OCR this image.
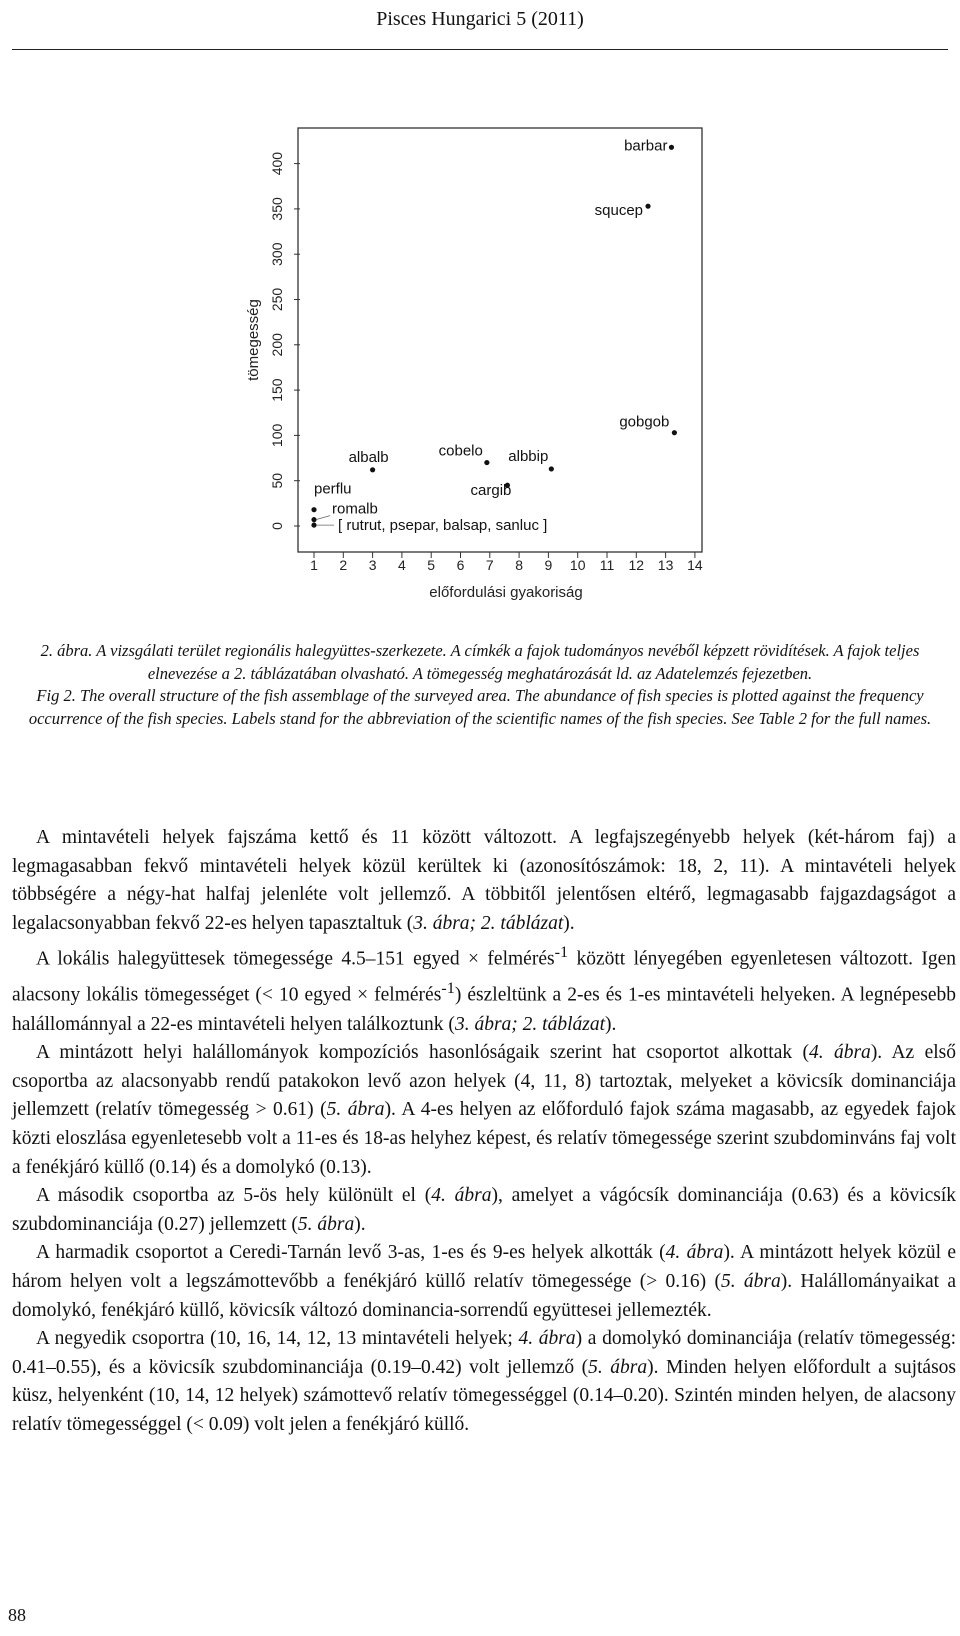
Pisces Hungarici 5 (2011)
0
50
100
150
200
250
300
350
400
1 2 3 4 5 6 7 8 9 10 11 12 13 14
barbar
squcep
gobgob
cobelo albbip
albalb
cargib
perflu
romalb
[ rutrut, psepar, balsap, sanluc ]
tömegesség
előfordulási gyakoriság

2. ábra. A vizsgálati terület regionális halegyüttes-szerkezete. A címkék a fajok tudományos nevéből képzett rövidítések. A fajok teljes elnevezése a 2. táblázatában olvasható. A tömegesség meghatározását ld. az Adatelemzés fejezetben.

Fig 2. The overall structure of the fish assemblage of the surveyed area. The abundance of fish species is plotted against the frequency occurrence of the fish species. Labels stand for the abbreviation of the scientific names of the fish species. See Table 2 for the full names.

A mintavételi helyek fajszáma kettő és 11 között változott. A legfajszegényebb helyek (két-három faj) a legmagasabban fekvő mintavételi helyek közül kerültek ki (azonosítószámok: 18, 2, 11). A mintavételi helyek többségére a négy-hat halfaj jelenléte volt jellemző. A többitől jelentősen eltérő, legmagasabb fajgazdagságot a legalacsonyabban fekvő 22-es helyen tapasztaltuk (3. ábra; 2. táblázat).

A lokális halegyüttesek tömegessége 4.5–151 egyed × felmérés$^{-1}$ között lényegében egyenletesen változott. Igen alacsony lokális tömegességet (< 10 egyed × felmérés$^{-1}$) észleltünk a 2-es és 1-es mintavételi helyeken. A legnépesebb halállománnyal a 22-es mintavételi helyen találkoztunk (3. ábra; 2. táblázat).

A mintázott helyi halállományok kompozíciós hasonlóságaik szerint hat csoportot alkottak (4. ábra). Az első csoportba az alacsonyabb rendű patakokon levő azon helyek (4, 11, 8) tartoztak, melyeket a kövicsík dominanciája jellemzett (relatív tömegesség > 0.61) (5. ábra). A 4-es helyen az előforduló fajok száma magasabb, az egyedek fajok közti eloszlása egyenletesebb volt a 11-es és 18-as helyhez képest, és relatív tömegessége szerint szubdominváns faj volt a fenékjáró küllő (0.14) és a domolykó (0.13).

A második csoportba az 5-ös hely különült el (4. ábra), amelyet a vágócsík dominanciája (0.63) és a kövicsík szubdominanciája (0.27) jellemzett (5. ábra).

A harmadik csoportot a Ceredi-Tarnán levő 3-as, 1-es és 9-es helyek alkották (4. ábra). A mintázott helyek közül e három helyen volt a legszámottevőbb a fenékjáró küllő relatív tömegessége (> 0.16) (5. ábra). Halállományaikat a domolykó, fenékjáró küllő, kövicsík változó dominancia-sorrendű együttesei jellemezték.

A negyedik csoportra (10, 16, 14, 12, 13 mintavételi helyek; 4. ábra) a domolykó dominanciája (relatív tömegesség: 0.41–0.55), és a kövicsík szubdominanciája (0.19–0.42) volt jellemző (5. ábra). Minden helyen előfordult a sujtásos küsz, helyenként (10, 14, 12 helyek) számottevő relatív tömegességgel (0.14–0.20). Szintén minden helyen, de alacsony relatív tömegességgel (< 0.09) volt jelen a fenékjáró küllő.

88
